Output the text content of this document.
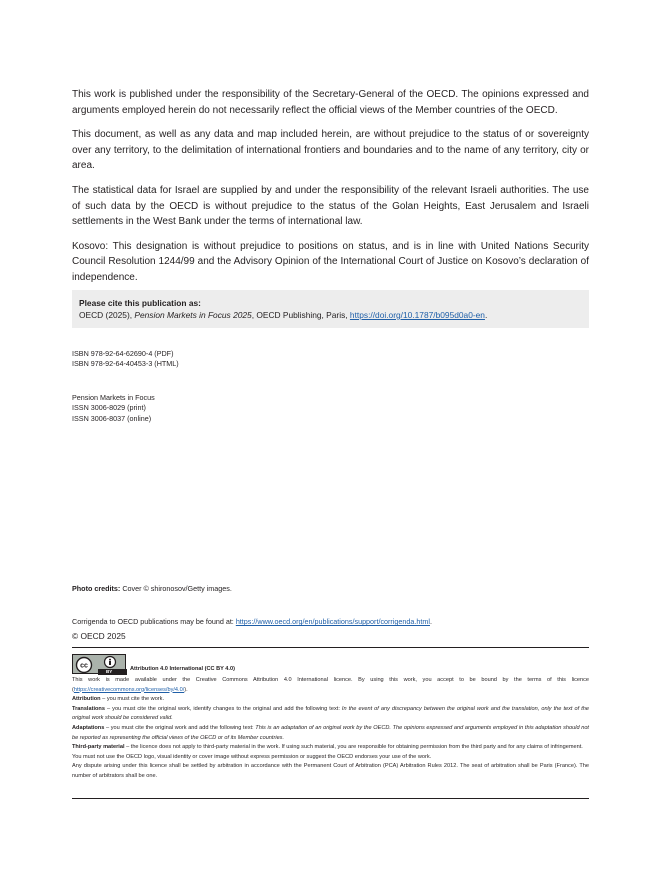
This work is published under the responsibility of the Secretary-General of the OECD. The opinions expressed and arguments employed herein do not necessarily reflect the official views of the Member countries of the OECD.

This document, as well as any data and map included herein, are without prejudice to the status of or sovereignty over any territory, to the delimitation of international frontiers and boundaries and to the name of any territory, city or area.

The statistical data for Israel are supplied by and under the responsibility of the relevant Israeli authorities. The use of such data by the OECD is without prejudice to the status of the Golan Heights, East Jerusalem and Israeli settlements in the West Bank under the terms of international law.

Kosovo: This designation is without prejudice to positions on status, and is in line with United Nations Security Council Resolution 1244/99 and the Advisory Opinion of the International Court of Justice on Kosovo’s declaration of independence.

Please cite this publication as:
OECD (2025), Pension Markets in Focus 2025, OECD Publishing, Paris, https://doi.org/10.1787/b095d0a0-en.
ISBN 978-92-64-62690-4 (PDF)
ISBN 978-92-64-40453-3 (HTML)
Pension Markets in Focus
ISSN 3006-8029 (print)
ISSN 3006-8037 (online)
Photo credits: Cover © shironosov/Getty images.
Corrigenda to OECD publications may be found at: https://www.oecd.org/en/publications/support/corrigenda.html.
© OECD 2025
cc
BY	Attribution 4.0 International (CC BY 4.0)

This work is made available under the Creative Commons Attribution 4.0 International licence. By using this work, you accept to be bound by the terms of this licence (https://creativecommons.org/licenses/by/4.0/).

Attribution – you must cite the work.

Translations – you must cite the original work, identify changes to the original and add the following text: In the event of any discrepancy between the original work and the translation, only the text of the original work should be considered valid.

Adaptations – you must cite the original work and add the following text: This is an adaptation of an original work by the OECD. The opinions expressed and arguments employed in this adaptation should not be reported as representing the official views of the OECD or of its Member countries.

Third-party material – the licence does not apply to third-party material in the work. If using such material, you are responsible for obtaining permission from the third party and for any claims of infringement.

You must not use the OECD logo, visual identity or cover image without express permission or suggest the OECD endorses your use of the work.

Any dispute arising under this licence shall be settled by arbitration in accordance with the Permanent Court of Arbitration (PCA) Arbitration Rules 2012. The seat of arbitration shall be Paris (France). The number of arbitrators shall be one.
